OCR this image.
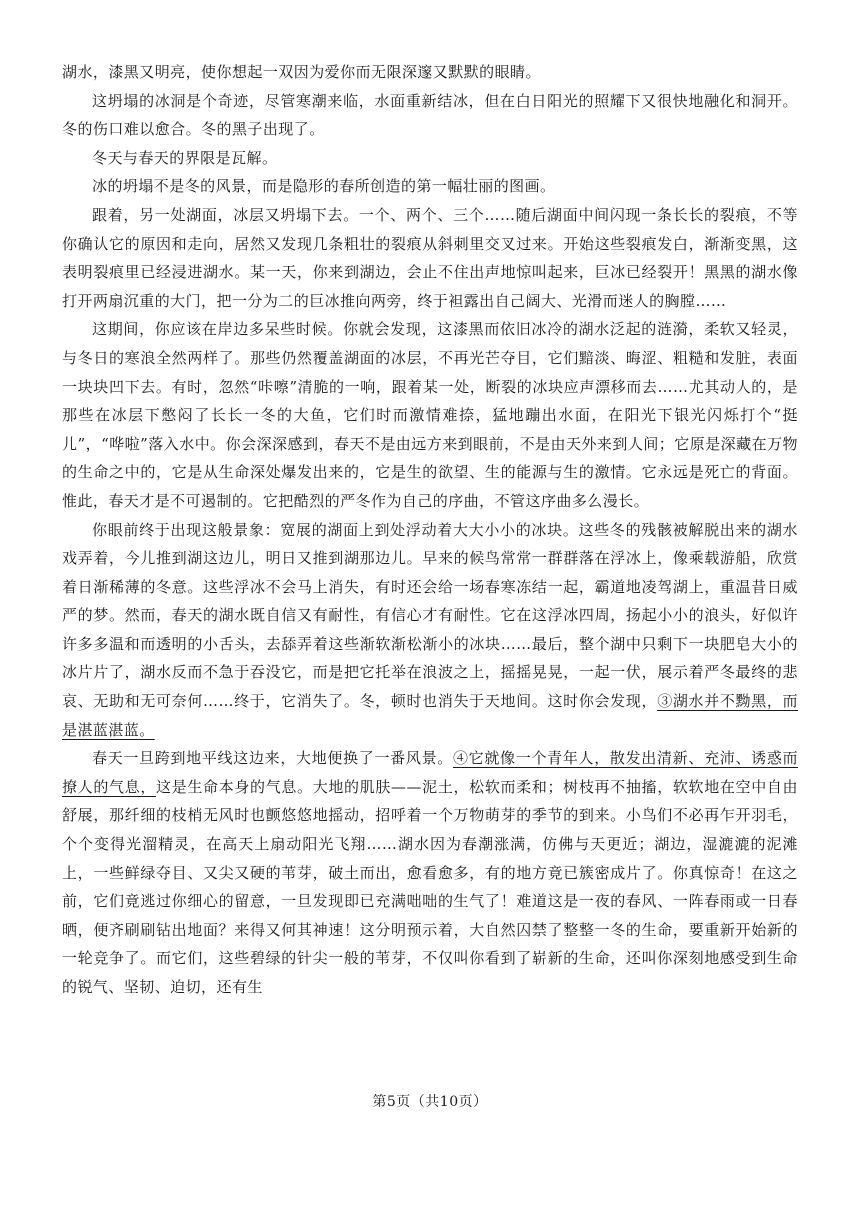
湖水，漆黑又明亮，使你想起一双因为爱你而无限深邃又默默的眼睛。

这坍塌的冰洞是个奇迹，尽管寒潮来临，水面重新结冰，但在白日阳光的照耀下又很快地融化和洞开。冬的伤口难以愈合。冬的黑子出现了。

冬天与春天的界限是瓦解。

冰的坍塌不是冬的风景，而是隐形的春所创造的第一幅壮丽的图画。

跟着，另一处湖面，冰层又坍塌下去。一个、两个、三个……随后湖面中间闪现一条长长的裂痕，不等你确认它的原因和走向，居然又发现几条粗壮的裂痕从斜刺里交叉过来。开始这些裂痕发白，渐渐变黑，这表明裂痕里已经浸进湖水。某一天，你来到湖边，会止不住出声地惊叫起来，巨冰已经裂开！黑黑的湖水像打开两扇沉重的大门，把一分为二的巨冰推向两旁，终于袒露出自己阔大、光滑而迷人的胸膛……

这期间，你应该在岸边多呆些时候。你就会发现，这漆黑而依旧冰冷的湖水泛起的涟漪，柔软又轻灵，与冬日的寒浪全然两样了。那些仍然覆盖湖面的冰层，不再光芒夺目，它们黯淡、晦涩、粗糙和发脏，表面一块块凹下去。有时，忽然“咔嚓”清脆的一响，跟着某一处，断裂的冰块应声漂移而去……尤其动人的，是那些在冰层下憋闷了长长一冬的大鱼，它们时而激情难捺，猛地蹦出水面，在阳光下银光闪烁打个“挺儿”，“哗啦”落入水中。你会深深感到，春天不是由远方来到眼前，不是由天外来到人间；它原是深藏在万物的生命之中的，它是从生命深处爆发出来的，它是生的欲望、生的能源与生的激情。它永远是死亡的背面。惟此，春天才是不可遏制的。它把酷烈的严冬作为自己的序曲，不管这序曲多么漫长。

你眼前终于出现这般景象：宽展的湖面上到处浮动着大大小小的冰块。这些冬的残骸被解脱出来的湖水戏弄着，今儿推到湖这边儿，明日又推到湖那边儿。早来的候鸟常常一群群落在浮冰上，像乘载游船，欣赏着日渐稀薄的冬意。这些浮冰不会马上消失，有时还会给一场春寒冻结一起，霸道地凌驾湖上，重温昔日威严的梦。然而，春天的湖水既自信又有耐性，有信心才有耐性。它在这浮冰四周，扬起小小的浪头，好似许许多多温和而透明的小舌头，去舔弄着这些渐软渐松渐小的冰块……最后，整个湖中只剩下一块肥皂大小的冰片片了，湖水反而不急于吞没它，而是把它托举在浪波之上，摇摇晃晃，一起一伏，展示着严冬最终的悲哀、无助和无可奈何……终于，它消失了。冬，顿时也消失于天地间。这时你会发现，③湖水并不黝黑，而是湛蓝湛蓝。

春天一旦跨到地平线这边来，大地便换了一番风景。④它就像一个青年人，散发出清新、充沛、诱惑而撩人的气息，这是生命本身的气息。大地的肌肤——泥土，松软而柔和；树枝再不抽搐，软软地在空中自由舒展，那纤细的枝梢无风时也颤悠悠地摇动，招呼着一个万物萌芽的季节的到来。小鸟们不必再乍开羽毛，个个变得光溜精灵，在高天上扇动阳光飞翔……湖水因为春潮涨满，仿佛与天更近；湖边，湿漉漉的泥滩上，一些鲜绿夺目、又尖又硬的苇芽，破土而出，愈看愈多，有的地方竟已簇密成片了。你真惊奇！在这之前，它们竟逃过你细心的留意，一旦发现即已充满咄咄的生气了！难道这是一夜的春风、一阵春雨或一日春晒，便齐刷刷钻出地面？来得又何其神速！这分明预示着，大自然囚禁了整整一冬的生命，要重新开始新的一轮竞争了。而它们，这些碧绿的针尖一般的苇芽，不仅叫你看到了崭新的生命，还叫你深刻地感受到生命的锐气、坚韧、迫切，还有生

第5页（共10页）
